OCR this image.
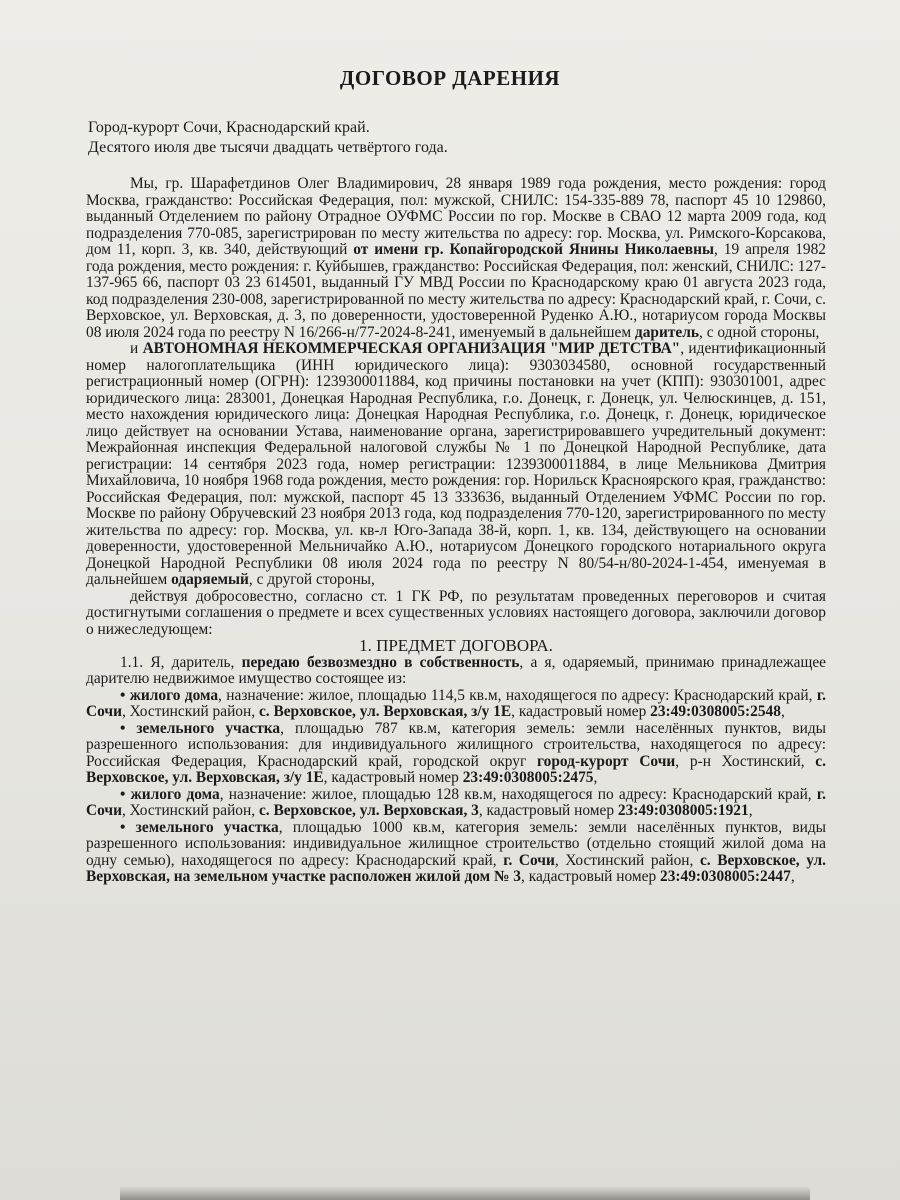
ДОГОВОР ДАРЕНИЯ
Город-курорт Сочи, Краснодарский край.
Десятого июля две тысячи двадцать четвёртого года.

Мы, гр. Шарафетдинов Олег Владимирович, 28 января 1989 года рождения, место рождения: город Москва, гражданство: Российская Федерация, пол: мужской, СНИЛС: 154-335-889 78, паспорт 45 10 129860, выданный Отделением по району Отрадное ОУФМС России по гор. Москве в СВАО 12 марта 2009 года, код подразделения 770-085, зарегистрирован по месту жительства по адресу: гор. Москва, ул. Римского-Корсакова, дом 11, корп. 3, кв. 340, действующий от имени гр. Копайгородской Янины Николаевны, 19 апреля 1982 года рождения, место рождения: г. Куйбышев, гражданство: Российская Федерация, пол: женский, СНИЛС: 127-137-965 66, паспорт 03 23 614501, выданный ГУ МВД России по Краснодарскому краю 01 августа 2023 года, код подразделения 230-008, зарегистрированной по месту жительства по адресу: Краснодарский край, г. Сочи, с. Верховское, ул. Верховская, д. 3, по доверенности, удостоверенной Руденко А.Ю., нотариусом города Москвы 08 июля 2024 года по реестру N 16/266-н/77-2024-8-241, именуемый в дальнейшем даритель, с одной стороны,

и АВТОНОМНАЯ НЕКОММЕРЧЕСКАЯ ОРГАНИЗАЦИЯ "МИР ДЕТСТВА", идентификационный номер налогоплательщика (ИНН юридического лица): 9303034580, основной государственный регистрационный номер (ОГРН): 1239300011884, код причины постановки на учет (КПП): 930301001, адрес юридического лица: 283001, Донецкая Народная Республика, г.о. Донецк, г. Донецк, ул. Челюскинцев, д. 151, место нахождения юридического лица: Донецкая Народная Республика, г.о. Донецк, г. Донецк, юридическое лицо действует на основании Устава, наименование органа, зарегистрировавшего учредительный документ: Межрайонная инспекция Федеральной налоговой службы № 1 по Донецкой Народной Республике, дата регистрации: 14 сентября 2023 года, номер регистрации: 1239300011884, в лице Мельникова Дмитрия Михайловича, 10 ноября 1968 года рождения, место рождения: гор. Норильск Красноярского края, гражданство: Российская Федерация, пол: мужской, паспорт 45 13 333636, выданный Отделением УФМС России по гор. Москве по району Обручевский 23 ноября 2013 года, код подразделения 770-120, зарегистрированного по месту жительства по адресу: гор. Москва, ул. кв-л Юго-Запада 38-й, корп. 1, кв. 134, действующего на основании доверенности, удостоверенной Мельничайко А.Ю., нотариусом Донецкого городского нотариального округа Донецкой Народной Республики 08 июля 2024 года по реестру N 80/54-н/80-2024-1-454, именуемая в дальнейшем одаряемый, с другой стороны,

действуя добросовестно, согласно ст. 1 ГК РФ, по результатам проведенных переговоров и считая достигнутыми соглашения о предмете и всех существенных условиях настоящего договора, заключили договор о нижеследующем:

1. ПРЕДМЕТ ДОГОВОРА.

1.1. Я, даритель, передаю безвозмездно в собственность, а я, одаряемый, принимаю принадлежащее дарителю недвижимое имущество состоящее из:

• жилого дома, назначение: жилое, площадью 114,5 кв.м, находящегося по адресу: Краснодарский край, г. Сочи, Хостинский район, с. Верховское, ул. Верховская, з/у 1Е, кадастровый номер 23:49:0308005:2548,

• земельного участка, площадью 787 кв.м, категория земель: земли населённых пунктов, виды разрешенного использования: для индивидуального жилищного строительства, находящегося по адресу: Российская Федерация, Краснодарский край, городской округ город-курорт Сочи, р-н Хостинский, с. Верховское, ул. Верховская, з/у 1Е, кадастровый номер 23:49:0308005:2475,

• жилого дома, назначение: жилое, площадью 128 кв.м, находящегося по адресу: Краснодарский край, г. Сочи, Хостинский район, с. Верховское, ул. Верховская, 3, кадастровый номер 23:49:0308005:1921,

• земельного участка, площадью 1000 кв.м, категория земель: земли населённых пунктов, виды разрешенного использования: индивидуальное жилищное строительство (отдельно стоящий жилой дома на одну семью), находящегося по адресу: Краснодарский край, г. Сочи, Хостинский район, с. Верховское, ул. Верховская, на земельном участке расположен жилой дом № 3, кадастровый номер 23:49:0308005:2447,
